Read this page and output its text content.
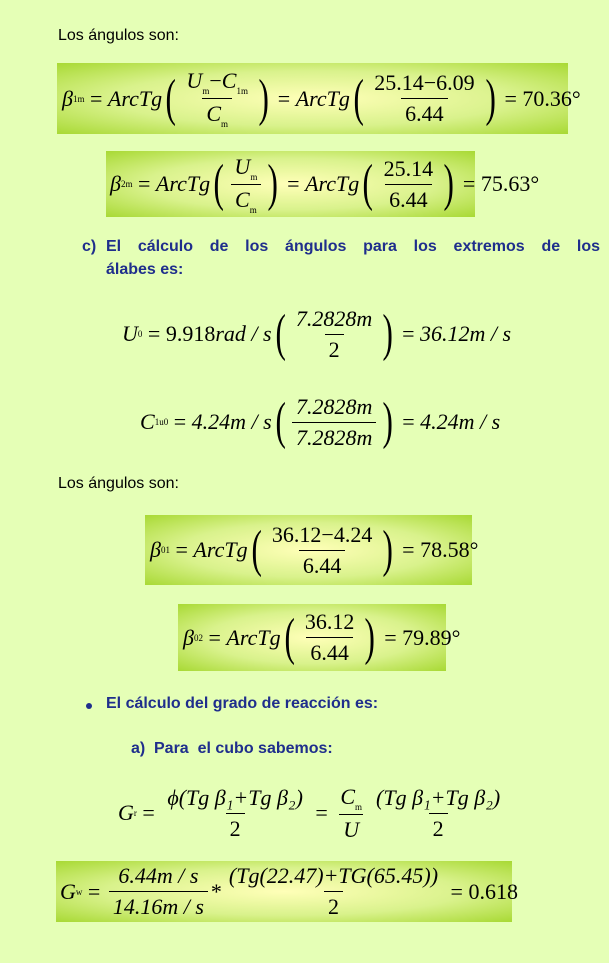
Los ángulos son:
β 1m = ArcTg ( $\frac{U_m-C_{1m}}{C_m}$ ) = ArcTg ( $\frac{25.14-6.09}{6.44}$ ) = 70.36°
β 2m = ArcTg ( $\frac{U_m}{C_m}$ ) = ArcTg ( $\frac{25.14}{6.44}$ ) = 75.63°
c) El cálculo de los ángulos para los extremos de los
álabes es:
U 0 = 9.918 rad / s ( $\frac{7.2828m}{2}$ ) = 36.12m / s
C 1u0 = 4.24m / s ( $\frac{7.2828m}{7.2828m}$ ) = 4.24m / s
Los ángulos son:
β 01 = ArcTg ( $\frac{36.12-4.24}{6.44}$ ) = 78.58°
β 02 = ArcTg ( $\frac{36.12}{6.44}$ ) = 79.89°
El cálculo del grado de reacción es:
a) Para  el cubo sabemos:
G $r = \frac{\text{ϕ(Tg β₁+Tg β₂)}}{2} = \frac{C_m}{U} \frac{\text{(Tg β₁+Tg β₂)}}{2}$
G $w = \frac{6.44m / s}{14.16m / s} * \frac{(Tg(22.47)+TG(65.45))}{2} = 0.618$
